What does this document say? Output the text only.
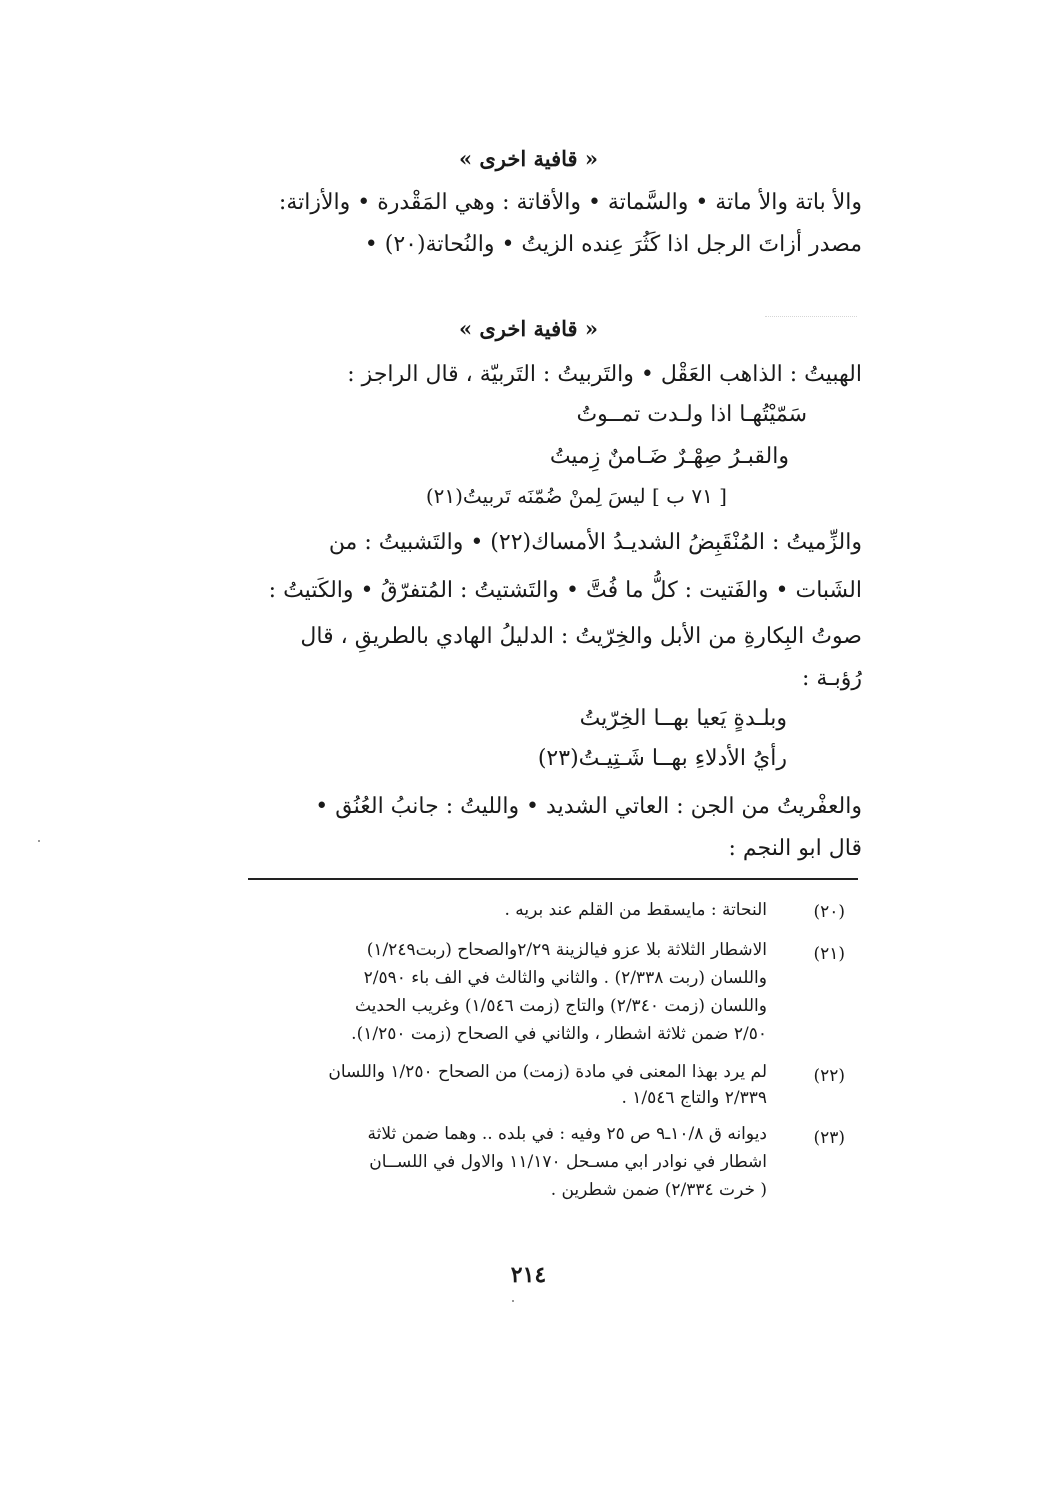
« قافية اخرى »
والأ باتة والأ ماتة • والسَّماتة • والأقاتة : وهي المَقْدرة • والأزاتة:
مصدر أزاتَ الرجل اذا كَثُرَ عِنده الزيتُ • والنُحاتة(٢٠) •
« قافية اخرى »
الهبيتُ : الذاهب العَقْل • والتَربيتُ : التَربيّة ، قال الراجز :
سَمّيْتُهـا اذا ولـدت تمــوتُ
والقبـرُ صِهْـرٌ ضَـامنٌ زِميتُ
[ ٧١ ب ] ليسَ لِمنْ ضُمّنَه تَربيتُ(٢١)
والزِّميتُ : المُنْقَبِضُ الشديـدُ الأمساك(٢٢) • والتَشبيتُ : من
الشَبات • والفَتيت : كلُّ ما فُتَّ • والتَشتيتُ : المُتفرّقُ • والكَتيتُ :
صوتُ البِكارةِ من الأبل والخِرّيتُ : الدليلُ الهادي بالطريقِ ، قال
رُؤبـة :
وبلـدةٍ يَعيا بهــا الخِرّيتُ
رأيُ الأدلاءِ بهــا شَـتِيـتُ(٢٣)
والعفْريتُ من الجن : العاتي الشديد • والليتُ : جانبُ العُنُق •
قال ابو النجم :
(٢٠)
النحاتة : مايسقط من القلم عند بريه .
(٢١)
الاشطار الثلاثة بلا عزو فيالزينة ٢/٢٩والصحاح (ربت١/٢٤٩)
واللسان (ربت ٢/٣٣٨) . والثاني والثالث في الف باء ٢/٥٩٠
واللسان (زمت ٢/٣٤٠) والتاج (زمت ١/٥٤٦) وغريب الحديث
٢/٥٠ ضمن ثلاثة اشطار ، والثاني في الصحاح (زمت ١/٢٥٠).
(٢٢)
لم يرد بهذا المعنى في مادة (زمت) من الصحاح ١/٢٥٠ واللسان
٢/٣٣٩ والتاج ١/٥٤٦ .
(٢٣)
ديوانه ق ١٠/٨ـ٩ ص ٢٥ وفيه : في بلده .. وهما ضمن ثلاثة
اشطار في نوادر ابي مسـحل ١١/١٧٠ والاول في اللســان
( خرت ٢/٣٣٤) ضمن شطرين .
٢١٤
